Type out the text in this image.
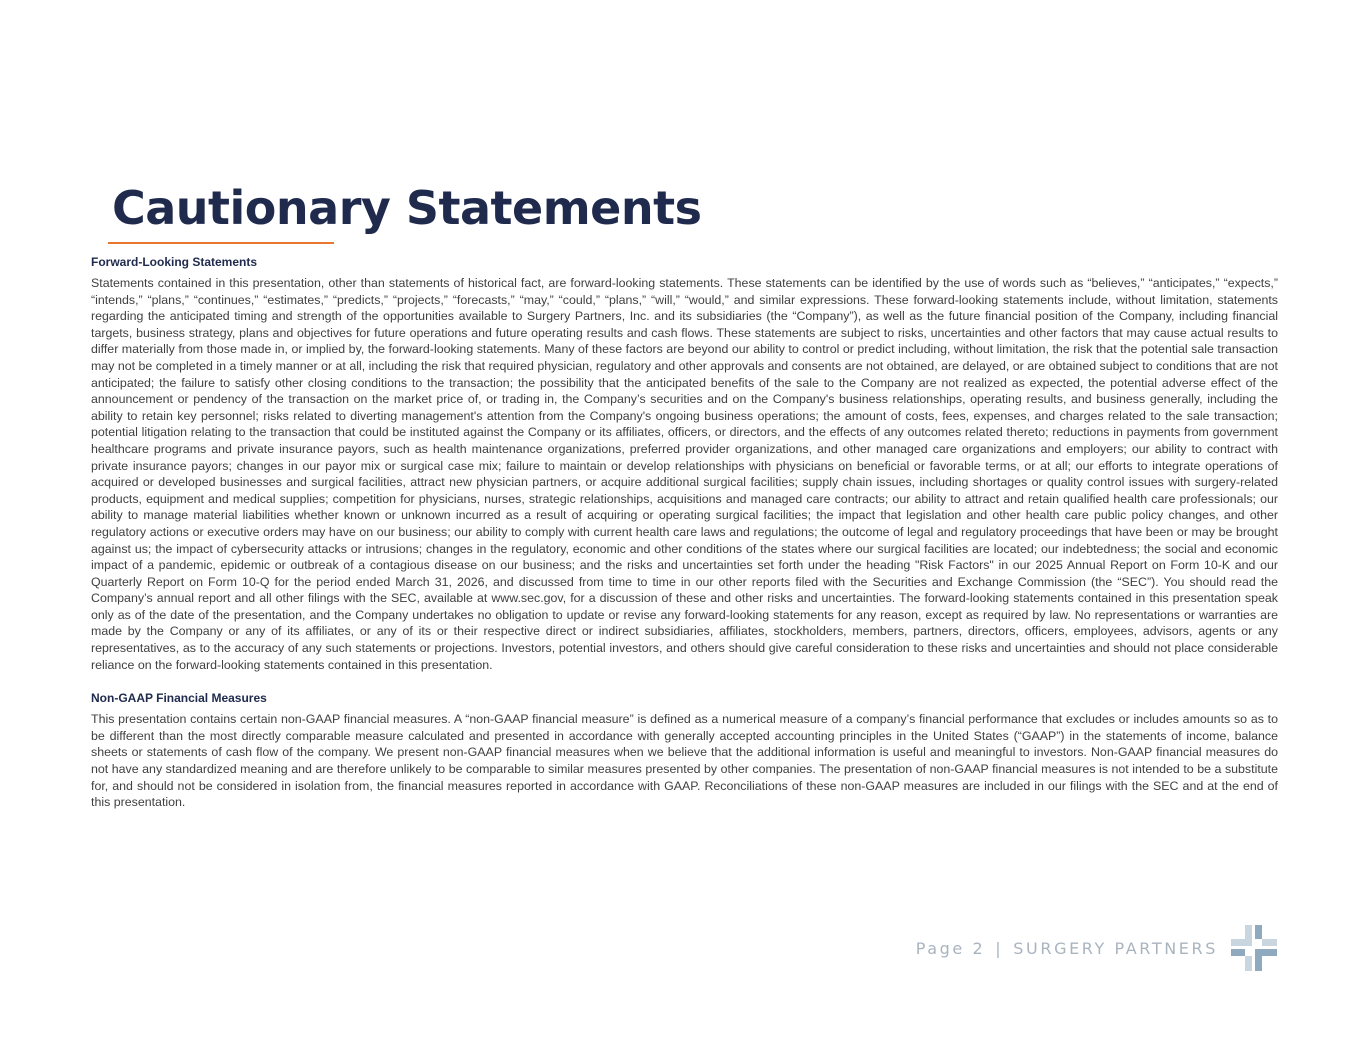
Cautionary Statements
Forward-Looking Statements

Statements contained in this presentation, other than statements of historical fact, are forward-looking statements. These statements can be identified by the use of words such as “believes,” “anticipates,” “expects,” “intends,” “plans,” “continues,” “estimates,” “predicts,” “projects,” “forecasts,” “may,” “could,” “plans,” “will,” “would,” and similar expressions. These forward-looking statements include, without limitation, statements regarding the anticipated timing and strength of the opportunities available to Surgery Partners, Inc. and its subsidiaries (the “Company”), as well as the future financial position of the Company, including financial targets, business strategy, plans and objectives for future operations and future operating results and cash flows. These statements are subject to risks, uncertainties and other factors that may cause actual results to differ materially from those made in, or implied by, the forward-looking statements. Many of these factors are beyond our ability to control or predict including, without limitation, the risk that the potential sale transaction may not be completed in a timely manner or at all, including the risk that required physician, regulatory and other approvals and consents are not obtained, are delayed, or are obtained subject to conditions that are not anticipated; the failure to satisfy other closing conditions to the transaction; the possibility that the anticipated benefits of the sale to the Company are not realized as expected, the potential adverse effect of the announcement or pendency of the transaction on the market price of, or trading in, the Company’s securities and on the Company's business relationships, operating results, and business generally, including the ability to retain key personnel; risks related to diverting management's attention from the Company's ongoing business operations; the amount of costs, fees, expenses, and charges related to the sale transaction; potential litigation relating to the transaction that could be instituted against the Company or its affiliates, officers, or directors, and the effects of any outcomes related thereto; reductions in payments from government healthcare programs and private insurance payors, such as health maintenance organizations, preferred provider organizations, and other managed care organizations and employers; our ability to contract with private insurance payors; changes in our payor mix or surgical case mix; failure to maintain or develop relationships with physicians on beneficial or favorable terms, or at all; our efforts to integrate operations of acquired or developed businesses and surgical facilities, attract new physician partners, or acquire additional surgical facilities; supply chain issues, including shortages or quality control issues with surgery-related products, equipment and medical supplies; competition for physicians, nurses, strategic relationships, acquisitions and managed care contracts; our ability to attract and retain qualified health care professionals; our ability to manage material liabilities whether known or unknown incurred as a result of acquiring or operating surgical facilities; the impact that legislation and other health care public policy changes, and other regulatory actions or executive orders may have on our business; our ability to comply with current health care laws and regulations; the outcome of legal and regulatory proceedings that have been or may be brought against us; the impact of cybersecurity attacks or intrusions; changes in the regulatory, economic and other conditions of the states where our surgical facilities are located; our indebtedness; the social and economic impact of a pandemic, epidemic or outbreak of a contagious disease on our business; and the risks and uncertainties set forth under the heading "Risk Factors" in our 2025 Annual Report on Form 10-K and our Quarterly Report on Form 10-Q for the period ended March 31, 2026, and discussed from time to time in our other reports filed with the Securities and Exchange Commission (the “SEC”). You should read the Company’s annual report and all other filings with the SEC, available at www.sec.gov, for a discussion of these and other risks and uncertainties. The forward-looking statements contained in this presentation speak only as of the date of the presentation, and the Company undertakes no obligation to update or revise any forward-looking statements for any reason, except as required by law. No representations or warranties are made by the Company or any of its affiliates, or any of its or their respective direct or indirect subsidiaries, affiliates, stockholders, members, partners, directors, officers, employees, advisors, agents or any representatives, as to the accuracy of any such statements or projections. Investors, potential investors, and others should give careful consideration to these risks and uncertainties and should not place considerable reliance on the forward-looking statements contained in this presentation.

Non-GAAP Financial Measures

This presentation contains certain non-GAAP financial measures. A “non-GAAP financial measure” is defined as a numerical measure of a company’s financial performance that excludes or includes amounts so as to be different than the most directly comparable measure calculated and presented in accordance with generally accepted accounting principles in the United States (“GAAP”) in the statements of income, balance sheets or statements of cash flow of the company. We present non-GAAP financial measures when we believe that the additional information is useful and meaningful to investors. Non-GAAP financial measures do not have any standardized meaning and are therefore unlikely to be comparable to similar measures presented by other companies. The presentation of non-GAAP financial measures is not intended to be a substitute for, and should not be considered in isolation from, the financial measures reported in accordance with GAAP. Reconciliations of these non-GAAP measures are included in our filings with the SEC and at the end of this presentation.

Page 2 | SURGERY PARTNERS
